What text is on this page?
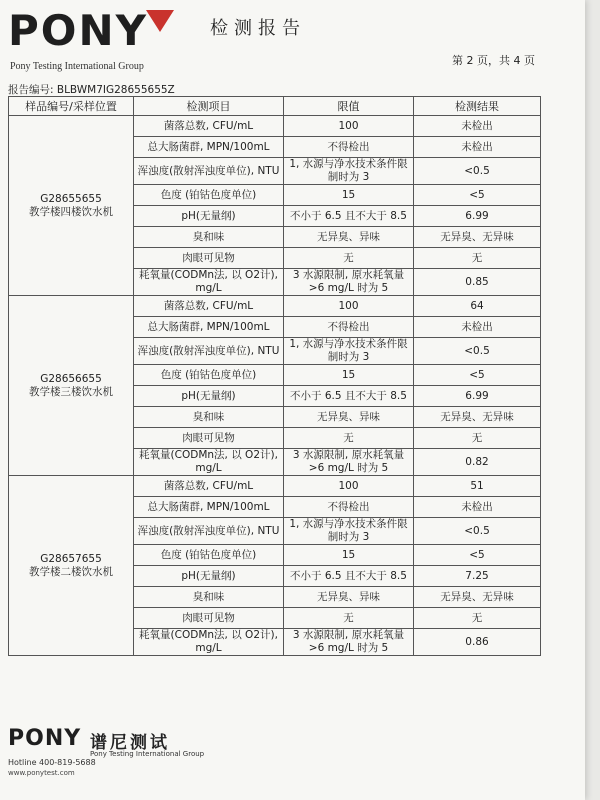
PONY
Pony Testing International Group
检测报告
第 2 页，共 4 页
报告编号: BLBWM7IG28655655Z
样品编号/采样位置	检测项目	限值	检测结果

G28655655
教学楼四楼饮水机	菌落总数, CFU/mL	100	未检出
	总大肠菌群, MPN/100mL	不得检出	未检出
	浑浊度(散射浑浊度单位), NTU	1, 水源与净水技术条件限制时为 3	<0.5
	色度 (铂钴色度单位)	15	<5
	pH(无量纲)	不小于 6.5 且不大于 8.5	6.99
	臭和味	无异臭、异味	无异臭、无异味
	肉眼可见物	无	无
	耗氧量(CODMn法, 以 O2计), mg/L	3 水源限制, 原水耗氧量>6 mg/L 时为 5	0.85

G28656655
教学楼三楼饮水机	菌落总数, CFU/mL	100	64
	总大肠菌群, MPN/100mL	不得检出	未检出
	浑浊度(散射浑浊度单位), NTU	1, 水源与净水技术条件限制时为 3	<0.5
	色度 (铂钴色度单位)	15	<5
	pH(无量纲)	不小于 6.5 且不大于 8.5	6.99
	臭和味	无异臭、异味	无异臭、无异味
	肉眼可见物	无	无
	耗氧量(CODMn法, 以 O2计), mg/L	3 水源限制, 原水耗氧量>6 mg/L 时为 5	0.82

G28657655
教学楼二楼饮水机	菌落总数, CFU/mL	100	51
	总大肠菌群, MPN/100mL	不得检出	未检出
	浑浊度(散射浑浊度单位), NTU	1, 水源与净水技术条件限制时为 3	<0.5
	色度 (铂钴色度单位)	15	<5
	pH(无量纲)	不小于 6.5 且不大于 8.5	7.25
	臭和味	无异臭、异味	无异臭、无异味
	肉眼可见物	无	无
	耗氧量(CODMn法, 以 O2计), mg/L	3 水源限制, 原水耗氧量>6 mg/L 时为 5	0.86
PONY 谱尼测试
Pony Testing International Group
Hotline 400-819-5688
www.ponytest.com
